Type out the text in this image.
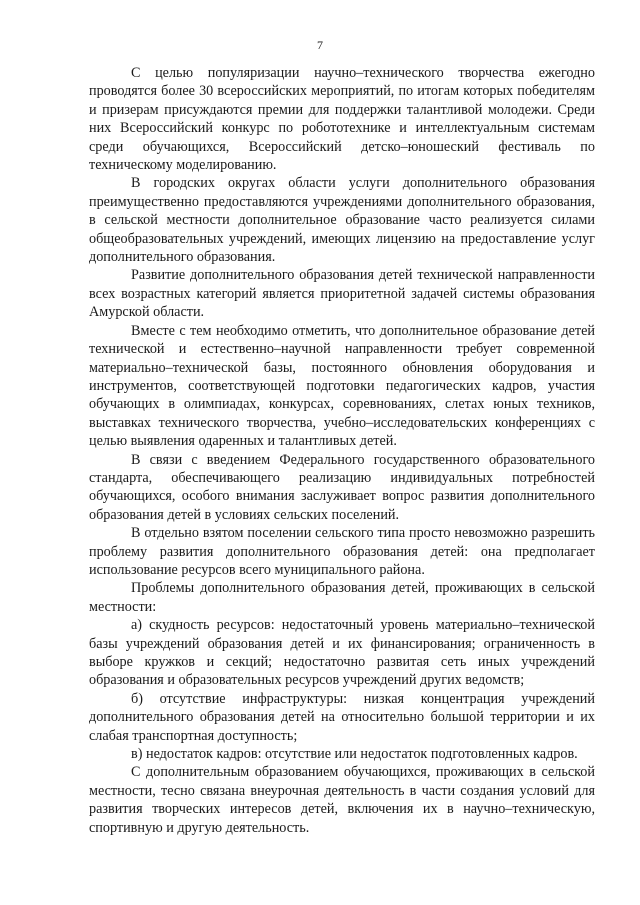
7

С целью популяризации научно–технического творчества ежегодно проводятся более 30 всероссийских мероприятий, по итогам которых победителям и призерам присуждаются премии для поддержки талантливой молодежи. Среди них Всероссийский конкурс по робототехнике и интеллектуальным системам среди обучающихся, Всероссийский детско–юношеский фестиваль по техническому моделированию.

В городских округах области услуги дополнительного образования преимущественно предоставляются учреждениями дополнительного образования, в сельской местности дополнительное образование часто реализуется силами общеобразовательных учреждений, имеющих лицензию на предоставление услуг дополнительного образования.

Развитие дополнительного образования детей технической направленности всех возрастных категорий является приоритетной задачей системы образования Амурской области.

Вместе с тем необходимо отметить, что дополнительное образование детей технической и естественно–научной направленности требует современной материально–технической базы, постоянного обновления оборудования и инструментов, соответствующей подготовки педагогических кадров, участия обучающих в олимпиадах, конкурсах, соревнованиях, слетах юных техников, выставках технического творчества, учебно–исследовательских конференциях с целью выявления одаренных и талантливых детей.

В связи с введением Федерального государственного образовательного стандарта, обеспечивающего реализацию индивидуальных потребностей обучающихся, особого внимания заслуживает вопрос развития дополнительного образования детей в условиях сельских поселений.

В отдельно взятом поселении сельского типа просто невозможно разрешить проблему развития дополнительного образования детей: она предполагает использование ресурсов всего муниципального района.

Проблемы дополнительного образования детей, проживающих в сельской местности:

а) скудность ресурсов: недостаточный уровень материально–технической базы учреждений образования детей и их финансирования; ограниченность в выборе кружков и секций; недостаточно развитая сеть иных учреждений образования и образовательных ресурсов учреждений других ведомств;

б) отсутствие инфраструктуры: низкая концентрация учреждений дополнительного образования детей на относительно большой территории и их слабая транспортная доступность;

в) недостаток кадров: отсутствие или недостаток подготовленных кадров.

С дополнительным образованием обучающихся, проживающих в сельской местности, тесно связана внеурочная деятельность в части создания условий для развития творческих интересов детей, включения их в научно–техническую, спортивную и другую деятельность.
